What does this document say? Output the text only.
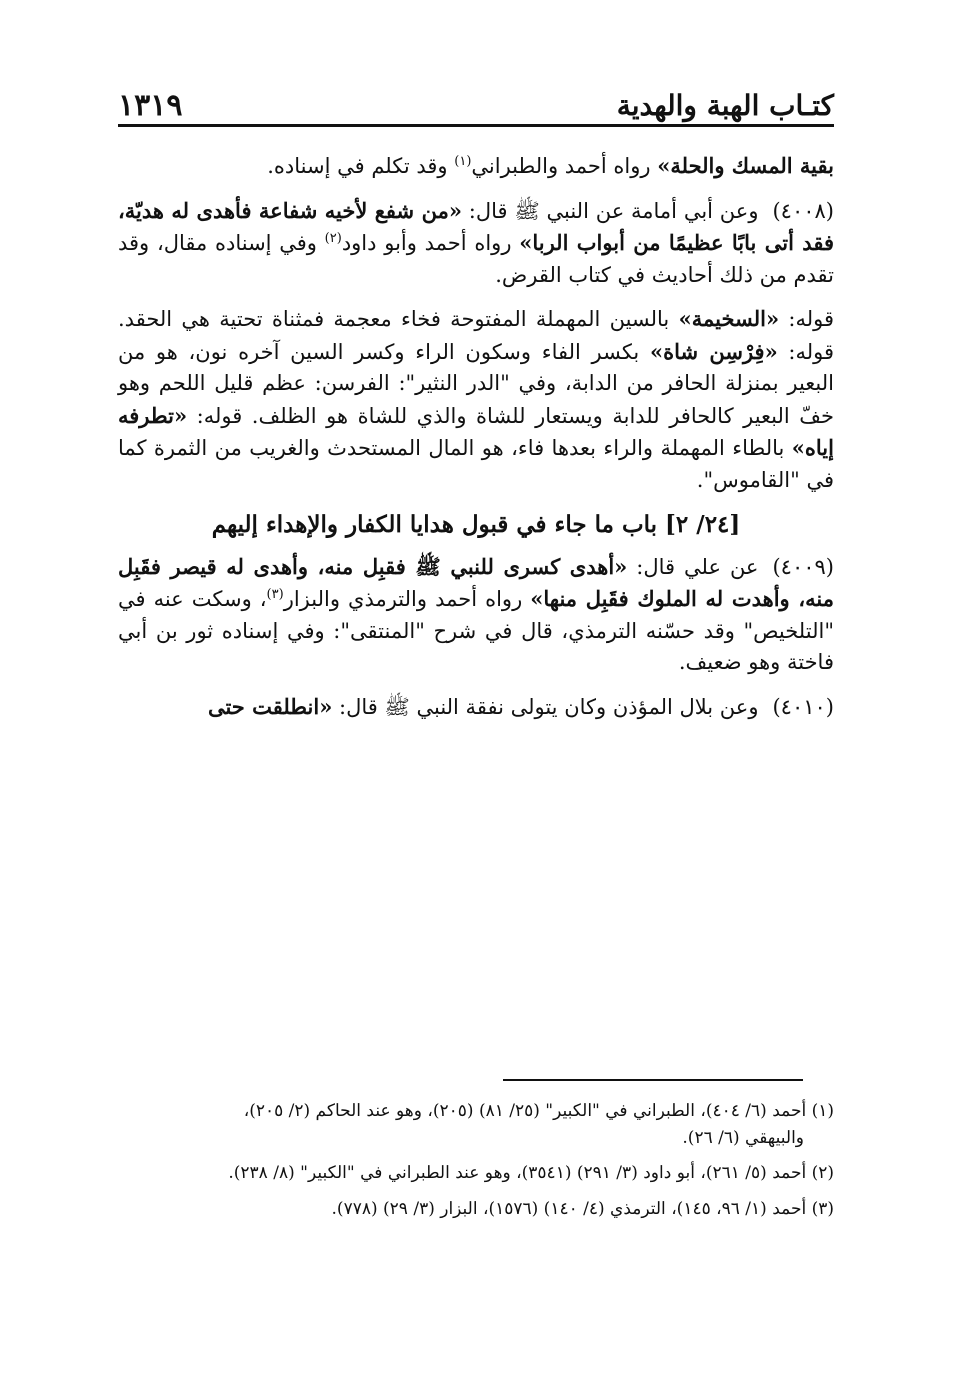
١٣١٩	كتـاب الهبة والهدية

بقية المسك والحلة» رواه أحمد والطبراني$^{(١)}$ وقد تكلم في إسناده.

(٤٠٠٨)وعن أبي أمامة عن النبي ﷺ قال: «من شفع لأخيه شفاعة فأهدى له هديّة، فقد أتى بابًا عظيمًا من أبواب الربا» رواه أحمد وأبو داود$^{(٢)}$ وفي إسناده مقال، وقد تقدم من ذلك أحاديث في كتاب القرض.

قوله: «السخيمة» بالسين المهملة المفتوحة فخاء معجمة فمثناة تحتية هي الحقد. قوله: «فِرْسِن شاة» بكسر الفاء وسكون الراء وكسر السين آخره نون، هو من البعير بمنزلة الحافر من الدابة، وفي "الدر النثير": الفرسن: عظم قليل اللحم وهو خفّ البعير كالحافر للدابة ويستعار للشاة والذي للشاة هو الظلف. قوله: «تطرفه إياه» بالطاء المهملة والراء بعدها فاء، هو المال المستحدث والغريب من الثمرة كما في "القاموس".

[٢٤/ ٢] باب ما جاء في قبول هدايا الكفار والإهداء إليهم

(٤٠٠٩)عن علي قال: «أهدى كسرى للنبي ﷺ فقبِل منه، وأهدى له قيصر فقَبِل منه، وأهدت له الملوك فقَبِل منها» رواه أحمد والترمذي والبزار$^{(٣)}$، وسكت عنه في "التلخيص" وقد حسّنه الترمذي، قال في شرح "المنتقى": وفي إسناده ثور بن أبي فاختة وهو ضعيف.

(٤٠١٠)وعن بلال المؤذن وكان يتولى نفقة النبي ﷺ قال: «انطلقت حتى

(١) أحمد (٦/ ٤٠٤)، الطبراني في "الكبير" (٢٥/ ٨١) (٢٠٥)، وهو عند الحاكم (٢/ ٢٠٥)،
والبيهقي (٦/ ٢٦).

(٢) أحمد (٥/ ٢٦١)، أبو داود (٣/ ٢٩١) (٣٥٤١)، وهو عند الطبراني في "الكبير" (٨/ ٢٣٨).

(٣) أحمد (١/ ٩٦، ١٤٥)، الترمذي (٤/ ١٤٠) (١٥٧٦)، البزار (٣/ ٢٩) (٧٧٨).
